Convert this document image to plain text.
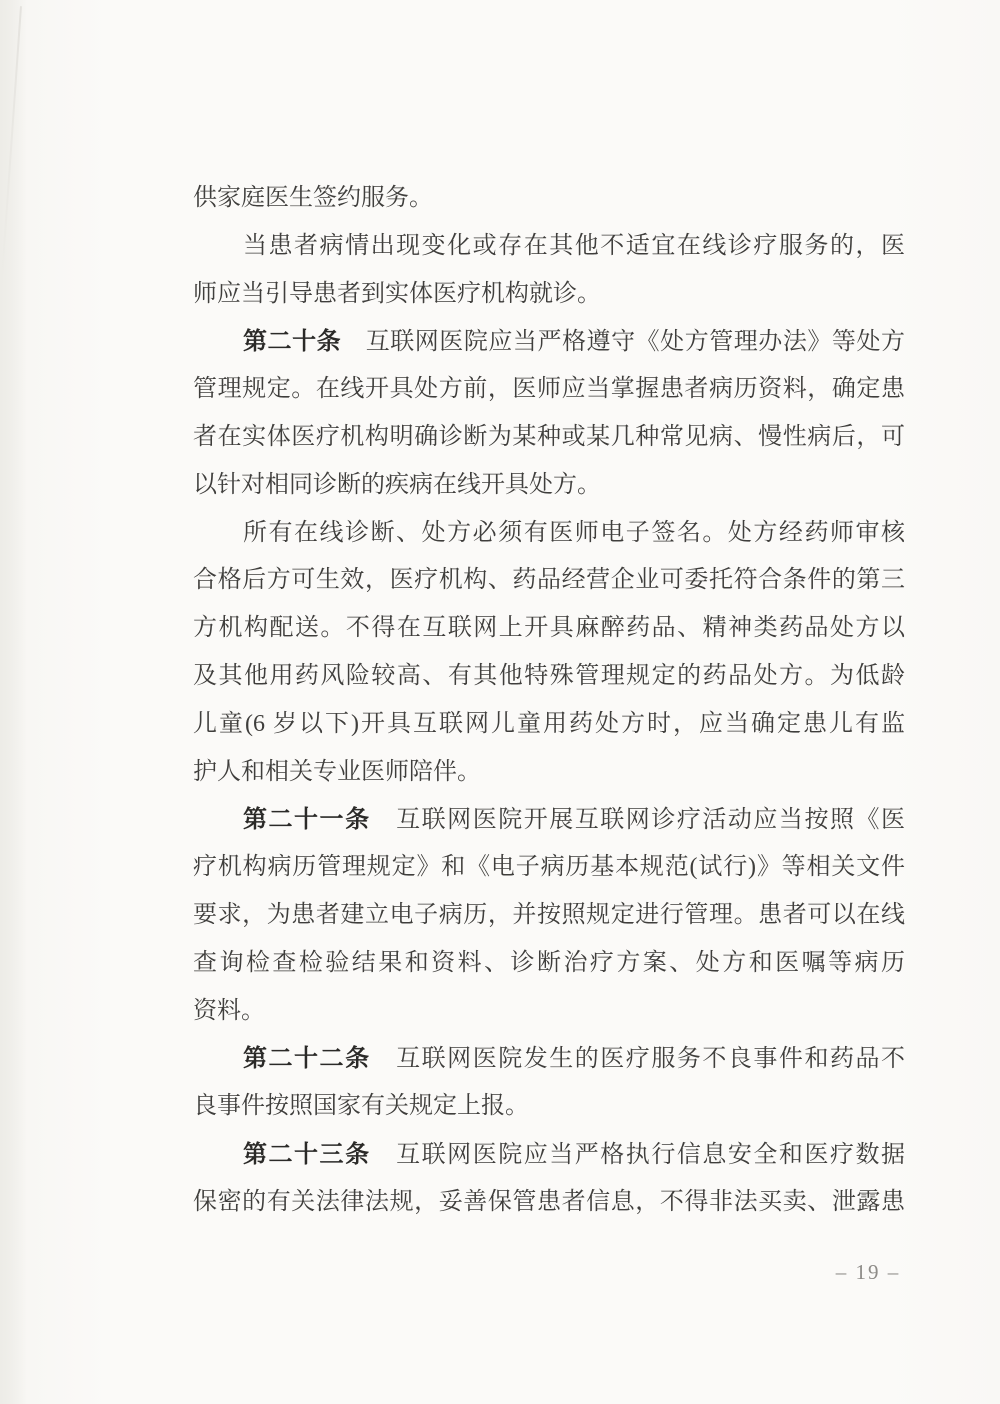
供家庭医生签约服务。
当患者病情出现变化或存在其他不适宜在线诊疗服务的，医
师应当引导患者到实体医疗机构就诊。
第二十条　互联网医院应当严格遵守《处方管理办法》等处方
管理规定。在线开具处方前，医师应当掌握患者病历资料，确定患
者在实体医疗机构明确诊断为某种或某几种常见病、慢性病后，可
以针对相同诊断的疾病在线开具处方。
所有在线诊断、处方必须有医师电子签名。处方经药师审核
合格后方可生效，医疗机构、药品经营企业可委托符合条件的第三
方机构配送。不得在互联网上开具麻醉药品、精神类药品处方以
及其他用药风险较高、有其他特殊管理规定的药品处方。为低龄
儿童(6 岁以下)开具互联网儿童用药处方时，应当确定患儿有监
护人和相关专业医师陪伴。
第二十一条　互联网医院开展互联网诊疗活动应当按照《医
疗机构病历管理规定》和《电子病历基本规范(试行)》等相关文件
要求，为患者建立电子病历，并按照规定进行管理。患者可以在线
查询检查检验结果和资料、诊断治疗方案、处方和医嘱等病历
资料。
第二十二条　互联网医院发生的医疗服务不良事件和药品不
良事件按照国家有关规定上报。
第二十三条　互联网医院应当严格执行信息安全和医疗数据
保密的有关法律法规，妥善保管患者信息，不得非法买卖、泄露患
– 19 –
